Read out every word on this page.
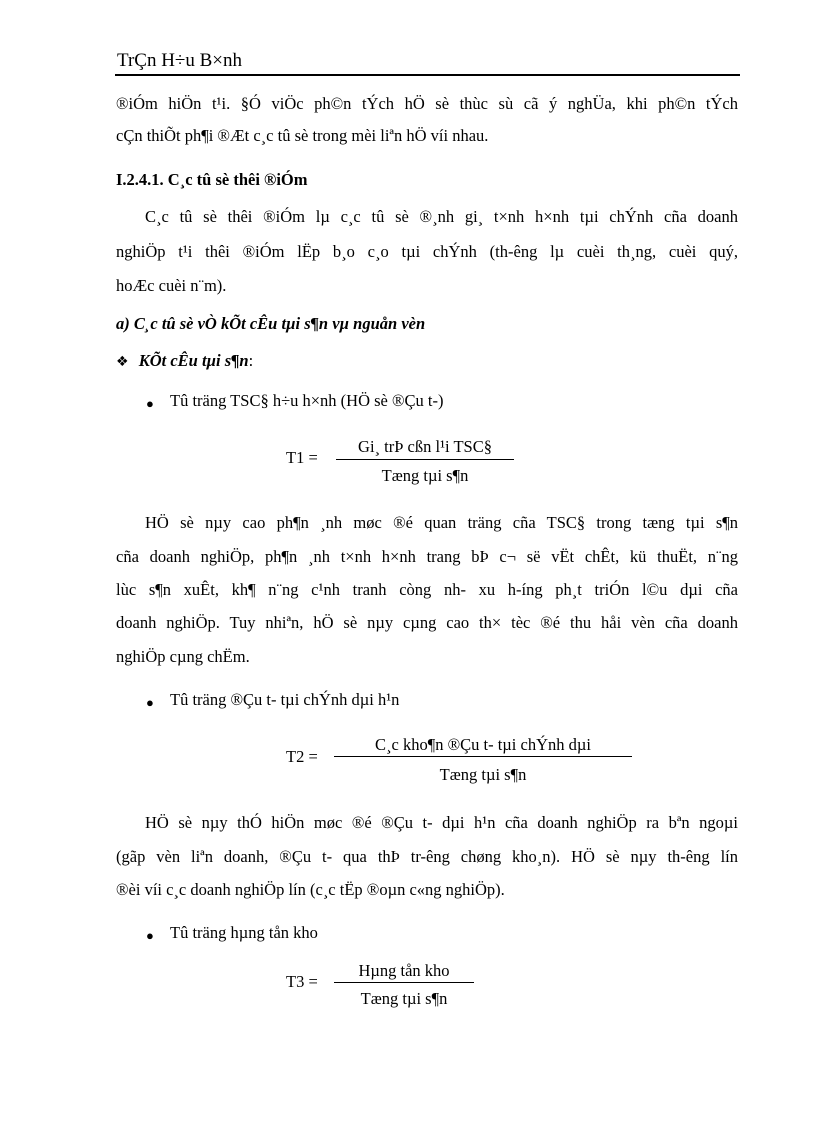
TrÇn H÷u B×nh
®iÓm hiÖn t¹i. §Ó viÖc ph©n tÝch hÖ sè thùc sù cã ý nghÜa, khi ph©n tÝch
cÇn thiÕt ph¶i ®Æt c¸c tû sè trong mèi liªn hÖ víi nhau.
I.2.4.1. C¸c tû sè thêi ®iÓm
C¸c tû sè thêi ®iÓm lµ c¸c tû sè ®¸nh gi¸ t×nh h×nh tµi chÝnh cña doanh
nghiÖp t¹i thêi ®iÓm lËp b¸o c¸o tµi chÝnh (th-êng lµ cuèi th¸ng, cuèi quý,
hoÆc cuèi n¨m).
a) C¸c tû sè vÒ kÕt cÊu tµi s¶n vµ nguån vèn
❖ KÕt cÊu tµi s¶n:
● Tû träng TSC§ h÷u h×nh (HÖ sè ®Çu t-)
T1 =
Gi¸ trÞ cßn l¹i TSC§
Tæng tµi s¶n
HÖ sè nµy cao ph¶n ¸nh møc ®é quan träng cña TSC§ trong tæng tµi s¶n
cña doanh nghiÖp, ph¶n ¸nh t×nh h×nh trang bÞ c¬ së vËt chÊt, kü thuËt, n¨ng
lùc s¶n xuÊt, kh¶ n¨ng c¹nh tranh còng nh- xu h-íng ph¸t triÓn l©u dµi cña
doanh nghiÖp. Tuy nhiªn, hÖ sè nµy cµng cao th× tèc ®é thu håi vèn cña doanh
nghiÖp cµng chËm.
● Tû träng ®Çu t- tµi chÝnh dµi h¹n
T2 =
C¸c kho¶n ®Çu t- tµi chÝnh dµi
Tæng tµi s¶n
HÖ sè nµy thÓ hiÖn møc ®é ®Çu t- dµi h¹n cña doanh nghiÖp ra bªn ngoµi
(gãp vèn liªn doanh, ®Çu t- qua thÞ tr-êng chøng kho¸n). HÖ sè nµy th-êng lín
®èi víi c¸c doanh nghiÖp lín (c¸c tËp ®oµn c«ng nghiÖp).
● Tû träng hµng tån kho
T3 =
Hµng tån kho
Tæng tµi s¶n
